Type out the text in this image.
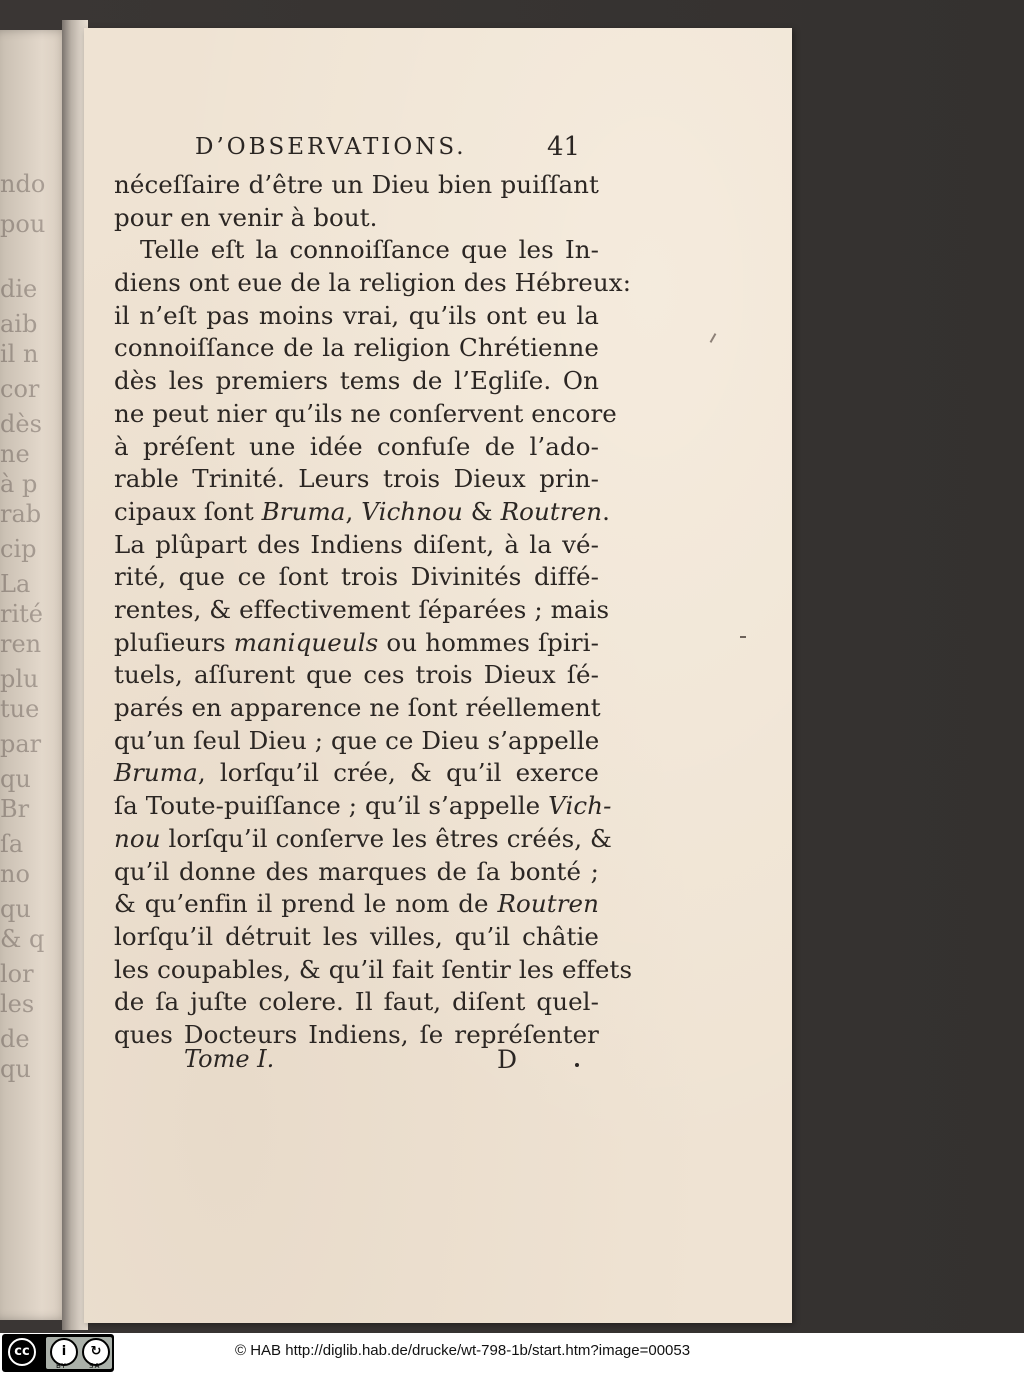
ndo
pou
die
aib
il n
cor
dès
ne
à p
rab
cip
La
rité
ren
plu
tue
par
qu
Br
ſa
no
qu
& q
lor
les
de
qu
D’OBSERVATIONS.	41
néceſſaire d’être un Dieu bien puiſſant
pour en venir à bout.
Telle eſt la connoiſſance que les In-
diens ont eue de la religion des Hébreux:
il n’eſt pas moins vrai, qu’ils ont eu la
connoiſſance de la religion Chrétienne
dès les premiers tems de l’Egliſe. On
ne peut nier qu’ils ne conſervent encore
à préſent une idée confuſe de l’ado-
rable Trinité. Leurs trois Dieux prin-
cipaux ſont Bruma, Vichnou & Routren
La plûpart des Indiens diſent, à la vé-
rité, que ce ſont trois Divinités diffé-
rentes, & effectivement ſéparées ; mais
pluſieurs maniqueuls ou hommes ſpiri-
tuels, aſſurent que ces trois Dieux ſé-
parés en apparence ne ſont réellement
qu’un ſeul Dieu ; que ce Dieu s’appelle
Bruma, lorſqu’il crée, & qu’il exerce
ſa Toute-puiſſance ; qu’il s’appelle Vich-
nou lorſqu’il conſerve les êtres créés, &
qu’il donne des marques de ſa bonté ;
& qu’enfin il prend le nom de Routren
lorſqu’il détruit les villes, qu’il châtie
les coupables, & qu’il fait ſentir les effets
de ſa juſte colere. Il faut, diſent quel-
ques Docteurs Indiens, ſe repréſenter
Tome I.	D
cc	i	↻
BY	SA
© HAB http://diglib.hab.de/drucke/wt-798-1b/start.htm?image=00053
